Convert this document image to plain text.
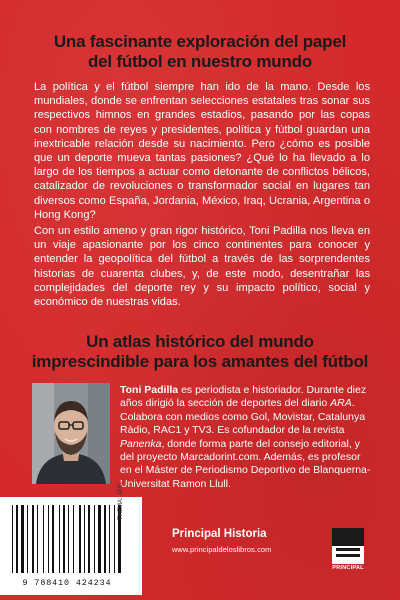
Una fascinante exploración del papel
del fútbol en nuestro mundo

La política y el fútbol siempre han ido de la mano. Desde los mundiales, donde se enfrentan selecciones estatales tras sonar sus respectivos himnos en grandes estadios, pasando por las copas con nombres de reyes y presidentes, política y fútbol guardan una inextricable relación desde su nacimiento. Pero ¿cómo es posible que un deporte mueva tantas pasiones? ¿Qué lo ha llevado a lo largo de los tiempos a actuar como detonante de conflictos bélicos, catalizador de revoluciones o transformador social en lugares tan diversos como España, Jordania, México, Iraq, Ucrania, Argentina o Hong Kong?

Con un estilo ameno y gran rigor histórico, Toni Padilla nos lleva en un viaje apasionante por los cinco continentes para conocer y entender la geopolítica del fútbol a través de las sorprendentes historias de cuarenta clubes, y, de este modo, desentrañar las complejidades del deporte rey y su impacto político, social y económico de nuestras vidas.

Un atlas histórico del mundo
imprescindible para los amantes del fútbol

Toni Padilla es periodista e historiador. Durante diez años dirigió la sección de deportes del diario ARA. Colabora con medios como Gol, Movistar, Catalunya Ràdio, RAC1 y TV3. Es cofundador de la revista Panenka, donde forma parte del consejo editorial, y del proyecto Marcadorint.com. Además, es profesor en el Máster de Periodismo Deportivo de Blanquerna-Universitat Ramon Llull.

9 788410 424234
THEMA: JPSL
Principal Historia
www.principaldeloslibros.com
PRINCIPAL
